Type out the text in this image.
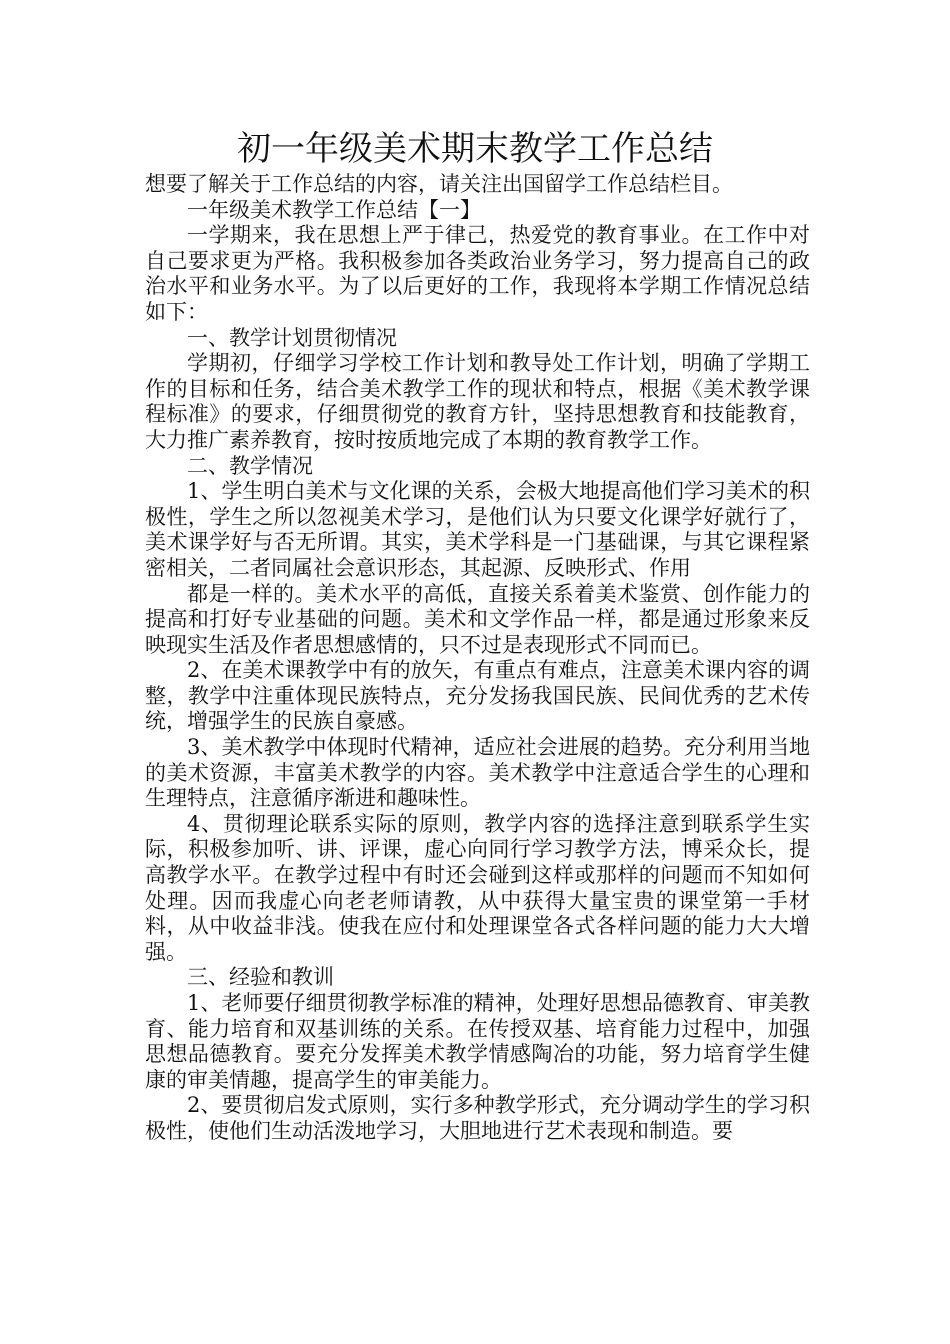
初一年级美术期末教学工作总结

想要了解关于工作总结的内容，请关注出国留学工作总结栏目。

一年级美术教学工作总结【一】

一学期来，我在思想上严于律己，热爱党的教育事业。在工作中对自己要求更为严格。我积极参加各类政治业务学习，努力提高自己的政治水平和业务水平。为了以后更好的工作，我现将本学期工作情况总结如下：

一、教学计划贯彻情况

学期初，仔细学习学校工作计划和教导处工作计划，明确了学期工作的目标和任务，结合美术教学工作的现状和特点，根据《美术教学课程标准》的要求，仔细贯彻党的教育方针，坚持思想教育和技能教育，大力推广素养教育，按时按质地完成了本期的教育教学工作。

二、教学情况

1、学生明白美术与文化课的关系，会极大地提高他们学习美术的积极性，学生之所以忽视美术学习，是他们认为只要文化课学好就行了，美术课学好与否无所谓。其实，美术学科是一门基础课，与其它课程紧密相关，二者同属社会意识形态，其起源、反映形式、作用

都是一样的。美术水平的高低，直接关系着美术鉴赏、创作能力的提高和打好专业基础的问题。美术和文学作品一样，都是通过形象来反映现实生活及作者思想感情的，只不过是表现形式不同而已。

2、在美术课教学中有的放矢，有重点有难点，注意美术课内容的调整，教学中注重体现民族特点，充分发扬我国民族、民间优秀的艺术传统，增强学生的民族自豪感。

3、美术教学中体现时代精神，适应社会进展的趋势。充分利用当地的美术资源，丰富美术教学的内容。美术教学中注意适合学生的心理和生理特点，注意循序渐进和趣味性。

4、贯彻理论联系实际的原则，教学内容的选择注意到联系学生实际，积极参加听、讲、评课，虚心向同行学习教学方法，博采众长，提高教学水平。在教学过程中有时还会碰到这样或那样的问题而不知如何处理。因而我虚心向老老师请教，从中获得大量宝贵的课堂第一手材料，从中收益非浅。使我在应付和处理课堂各式各样问题的能力大大增强。

三、经验和教训

1、老师要仔细贯彻教学标准的精神，处理好思想品德教育、审美教育、能力培育和双基训练的关系。在传授双基、培育能力过程中，加强思想品德教育。要充分发挥美术教学情感陶冶的功能，努力培育学生健康的审美情趣，提高学生的审美能力。

2、要贯彻启发式原则，实行多种教学形式，充分调动学生的学习积极性，使他们生动活泼地学习，大胆地进行艺术表现和制造。要
